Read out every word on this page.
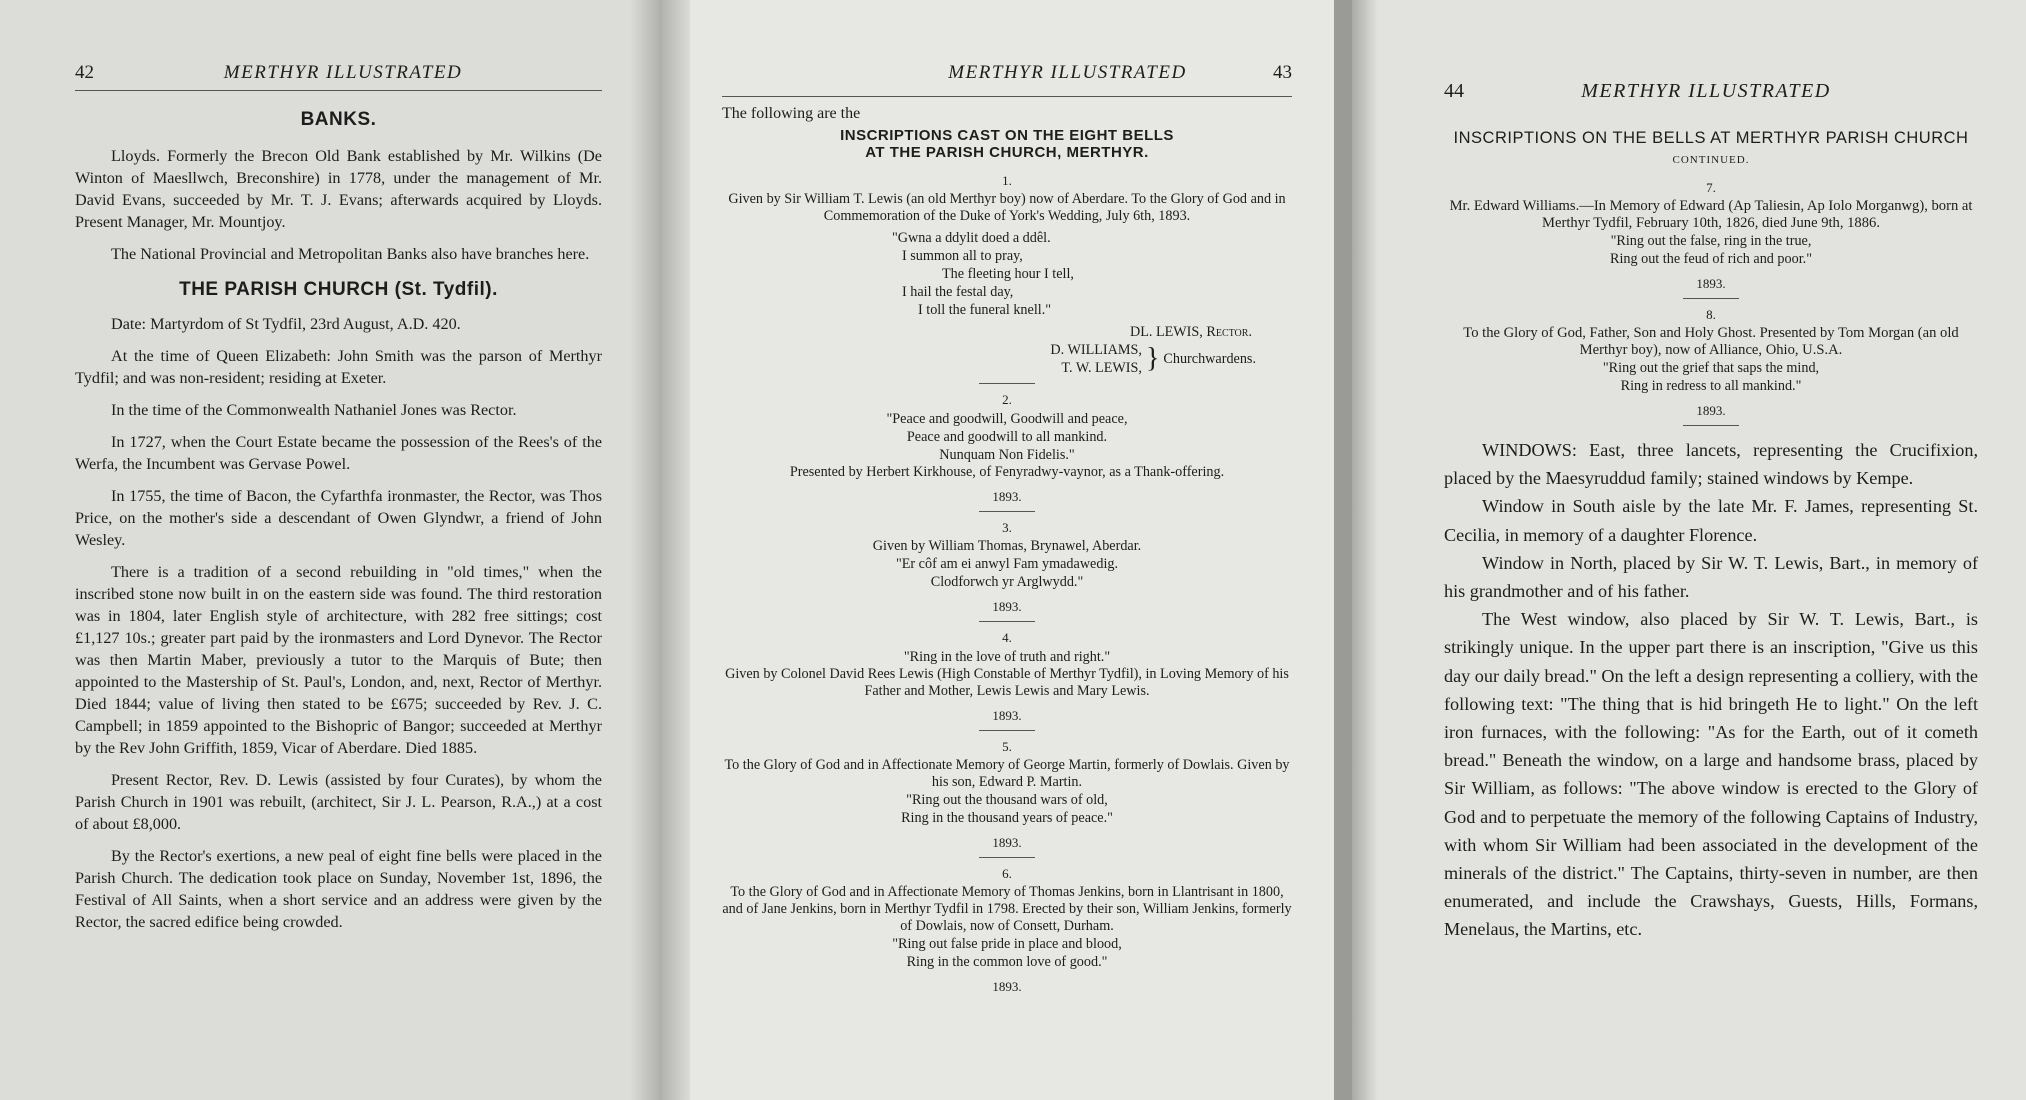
42	MERTHYR ILLUSTRATED
BANKS.

Lloyds. Formerly the Brecon Old Bank established by Mr. Wilkins (De Winton of Maesllwch, Breconshire) in 1778, under the management of Mr. David Evans, succeeded by Mr. T. J. Evans; afterwards acquired by Lloyds. Present Manager, Mr. Mountjoy.

The National Provincial and Metropolitan Banks also have branches here.

THE PARISH CHURCH (St. Tydfil).

Date: Martyrdom of St Tydfil, 23rd August, A.D. 420.

At the time of Queen Elizabeth: John Smith was the parson of Merthyr Tydfil; and was non-resident; residing at Exeter.

In the time of the Commonwealth Nathaniel Jones was Rector.

In 1727, when the Court Estate became the possession of the Rees's of the Werfa, the Incumbent was Gervase Powel.

In 1755, the time of Bacon, the Cyfarthfa ironmaster, the Rector, was Thos Price, on the mother's side a descendant of Owen Glyndwr, a friend of John Wesley.

There is a tradition of a second rebuilding in "old times," when the inscribed stone now built in on the eastern side was found. The third restoration was in 1804, later English style of architecture, with 282 free sittings; cost £1,127 10s.; greater part paid by the ironmasters and Lord Dynevor. The Rector was then Martin Maber, previously a tutor to the Marquis of Bute; then appointed to the Mastership of St. Paul's, London, and, next, Rector of Merthyr. Died 1844; value of living then stated to be £675; succeeded by Rev. J. C. Campbell; in 1859 appointed to the Bishopric of Bangor; succeeded at Merthyr by the Rev John Griffith, 1859, Vicar of Aberdare. Died 1885.

Present Rector, Rev. D. Lewis (assisted by four Curates), by whom the Parish Church in 1901 was rebuilt, (architect, Sir J. L. Pearson, R.A.,) at a cost of about £8,000.

By the Rector's exertions, a new peal of eight fine bells were placed in the Parish Church. The dedication took place on Sunday, November 1st, 1896, the Festival of All Saints, when a short service and an address were given by the Rector, the sacred edifice being crowded.

MERTHYR ILLUSTRATED	43

The following are the

INSCRIPTIONS CAST ON THE EIGHT BELLS
AT THE PARISH CHURCH, MERTHYR.
1.

Given by Sir William T. Lewis (an old Merthyr boy) now of Aberdare. To the Glory of God and in Commemoration of the Duke of York's Wedding, July 6th, 1893.

"Gwna a ddylit doed a ddêl.
I summon all to pray,
The fleeting hour I tell,
I hail the festal day,
I toll the funeral knell."
DL. LEWIS, Rector.
D. WILLIAMS,
T. W. LEWIS, } Churchwardens.
2.
"Peace and goodwill, Goodwill and peace,
Peace and goodwill to all mankind.
Nunquam Non Fidelis."

Presented by Herbert Kirkhouse, of Fenyradwy-vaynor, as a Thank-offering.

1893.
3.

Given by William Thomas, Brynawel, Aberdar.

"Er côf am ei anwyl Fam ymadawedig.
Clodforwch yr Arglwydd."
1893.
4.
"Ring in the love of truth and right."

Given by Colonel David Rees Lewis (High Constable of Merthyr Tydfil), in Loving Memory of his Father and Mother, Lewis Lewis and Mary Lewis.

1893.
5.

To the Glory of God and in Affectionate Memory of George Martin, formerly of Dowlais. Given by his son, Edward P. Martin.

"Ring out the thousand wars of old,
Ring in the thousand years of peace."
1893.
6.

To the Glory of God and in Affectionate Memory of Thomas Jenkins, born in Llantrisant in 1800, and of Jane Jenkins, born in Merthyr Tydfil in 1798. Erected by their son, William Jenkins, formerly of Dowlais, now of Consett, Durham.

"Ring out false pride in place and blood,
Ring in the common love of good."
1893.
44	MERTHYR ILLUSTRATED
INSCRIPTIONS ON THE BELLS AT MERTHYR PARISH CHURCH
CONTINUED.
7.

Mr. Edward Williams.—In Memory of Edward (Ap Taliesin, Ap Iolo Morganwg), born at Merthyr Tydfil, February 10th, 1826, died June 9th, 1886.

"Ring out the false, ring in the true,
Ring out the feud of rich and poor."
1893.
8.

To the Glory of God, Father, Son and Holy Ghost. Presented by Tom Morgan (an old Merthyr boy), now of Alliance, Ohio, U.S.A.

"Ring out the grief that saps the mind,
Ring in redress to all mankind."
1893.

WINDOWS: East, three lancets, representing the Crucifixion, placed by the Maesyruddud family; stained windows by Kempe.

Window in South aisle by the late Mr. F. James, representing St. Cecilia, in memory of a daughter Florence.

Window in North, placed by Sir W. T. Lewis, Bart., in memory of his grandmother and of his father.

The West window, also placed by Sir W. T. Lewis, Bart., is strikingly unique. In the upper part there is an inscription, "Give us this day our daily bread." On the left a design representing a colliery, with the following text: "The thing that is hid bringeth He to light." On the left iron furnaces, with the following: "As for the Earth, out of it cometh bread." Beneath the window, on a large and handsome brass, placed by Sir William, as follows: "The above window is erected to the Glory of God and to perpetuate the memory of the following Captains of Industry, with whom Sir William had been associated in the development of the minerals of the district." The Captains, thirty-seven in number, are then enumerated, and include the Crawshays, Guests, Hills, Formans, Menelaus, the Martins, etc.
